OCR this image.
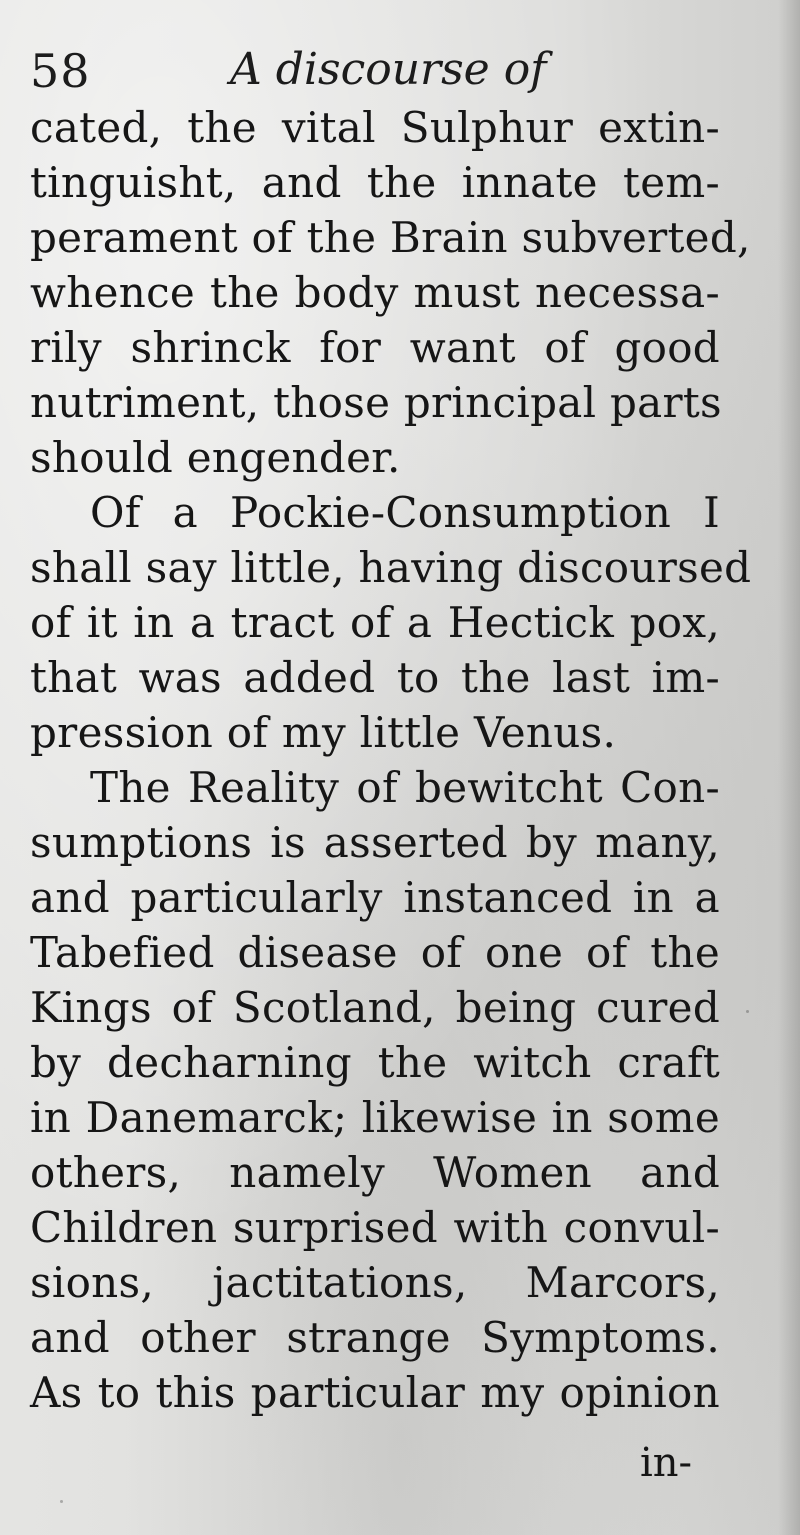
58	A discourse of
cated, the vital Sulphur extin-
tinguisht, and the innate tem-
perament of the Brain subverted,
whence the body must necessa-
rily shrinck for want of good
nutriment, those principal parts
should engender.
Of a Pockie-Consumption I
shall say little, having discoursed
of it in a tract of a Hectick pox,
that was added to the last im-
pression of my little Venus.
The Reality of bewitcht Con-
sumptions is asserted by many,
and particularly instanced in a
Tabefied disease of one of the
Kings of Scotland, being cured
by decharning the witch craft
in Danemarck; likewise in some
others, namely Women and
Children surprised with convul-
sions, jactitations, Marcors,
and other strange Symptoms.
As to this particular my opinion
in-
